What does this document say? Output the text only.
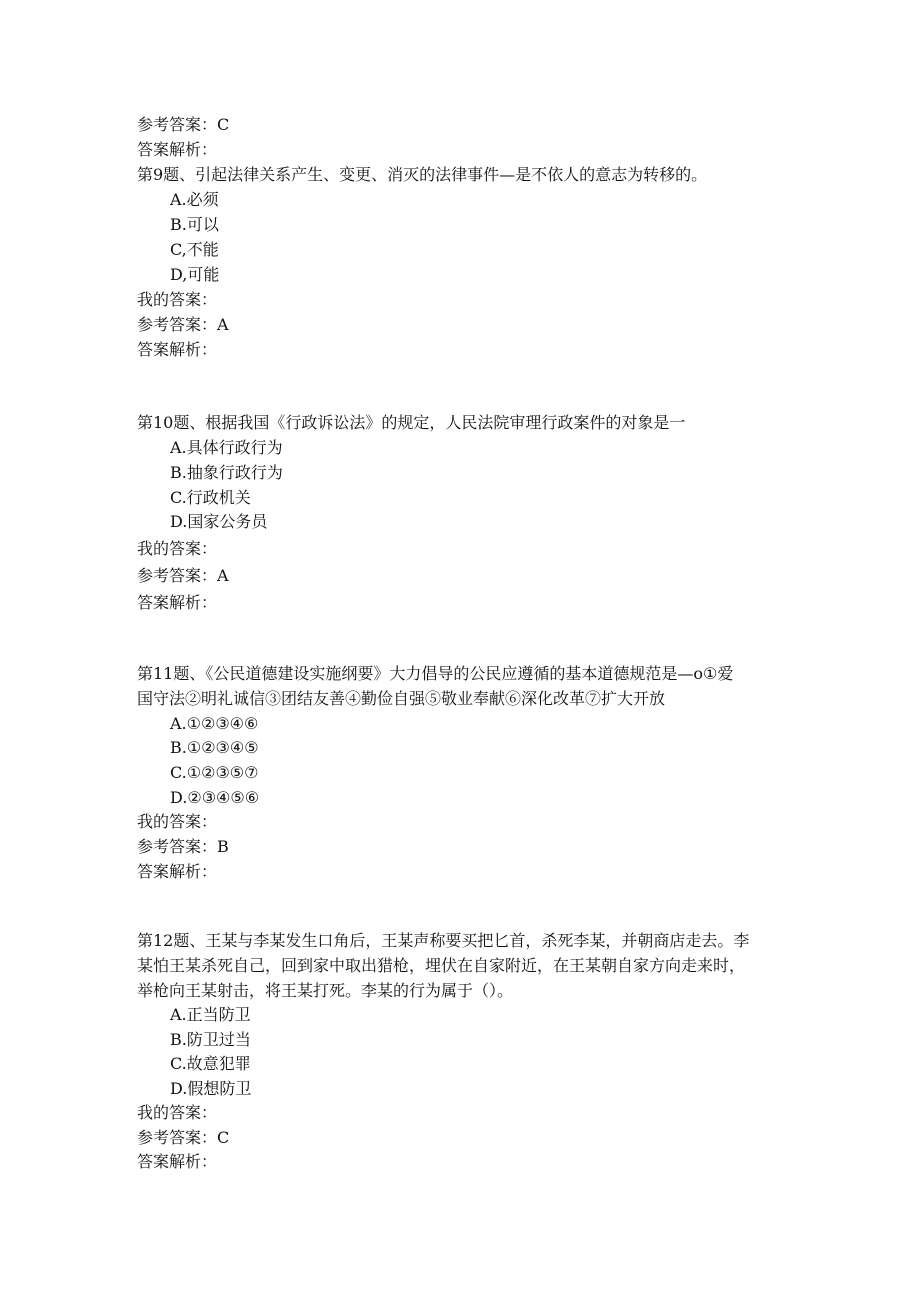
参考答案：C
答案解析：
第9题、引起法律关系产生、变更、消灭的法律事件—是不依人的意志为转移的。
A.必须
B.可以
C,不能
D,可能
我的答案：
参考答案：A
答案解析：
第10题、根据我国《行政诉讼法》的规定，人民法院审理行政案件的对象是一
A.具体行政行为
B.抽象行政行为
C.行政机关
D.国家公务员
我的答案：
参考答案：A
答案解析：
第11题、《公民道德建设实施纲要》大力倡导的公民应遵循的基本道德规范是—o①爱
国守法②明礼诚信③团结友善④勤俭自强⑤敬业奉献⑥深化改革⑦扩大开放
A.①②③④⑥
B.①②③④⑤
C.①②③⑤⑦
D.②③④⑤⑥
我的答案：
参考答案：B
答案解析：
第12题、王某与李某发生口角后，王某声称要买把匕首，杀死李某，并朝商店走去。李
某怕王某杀死自己，回到家中取出猎枪，埋伏在自家附近，在王某朝自家方向走来时，
举枪向王某射击，将王某打死。李某的行为属于（）。
A.正当防卫
B.防卫过当
C.故意犯罪
D.假想防卫
我的答案：
参考答案：C
答案解析：
